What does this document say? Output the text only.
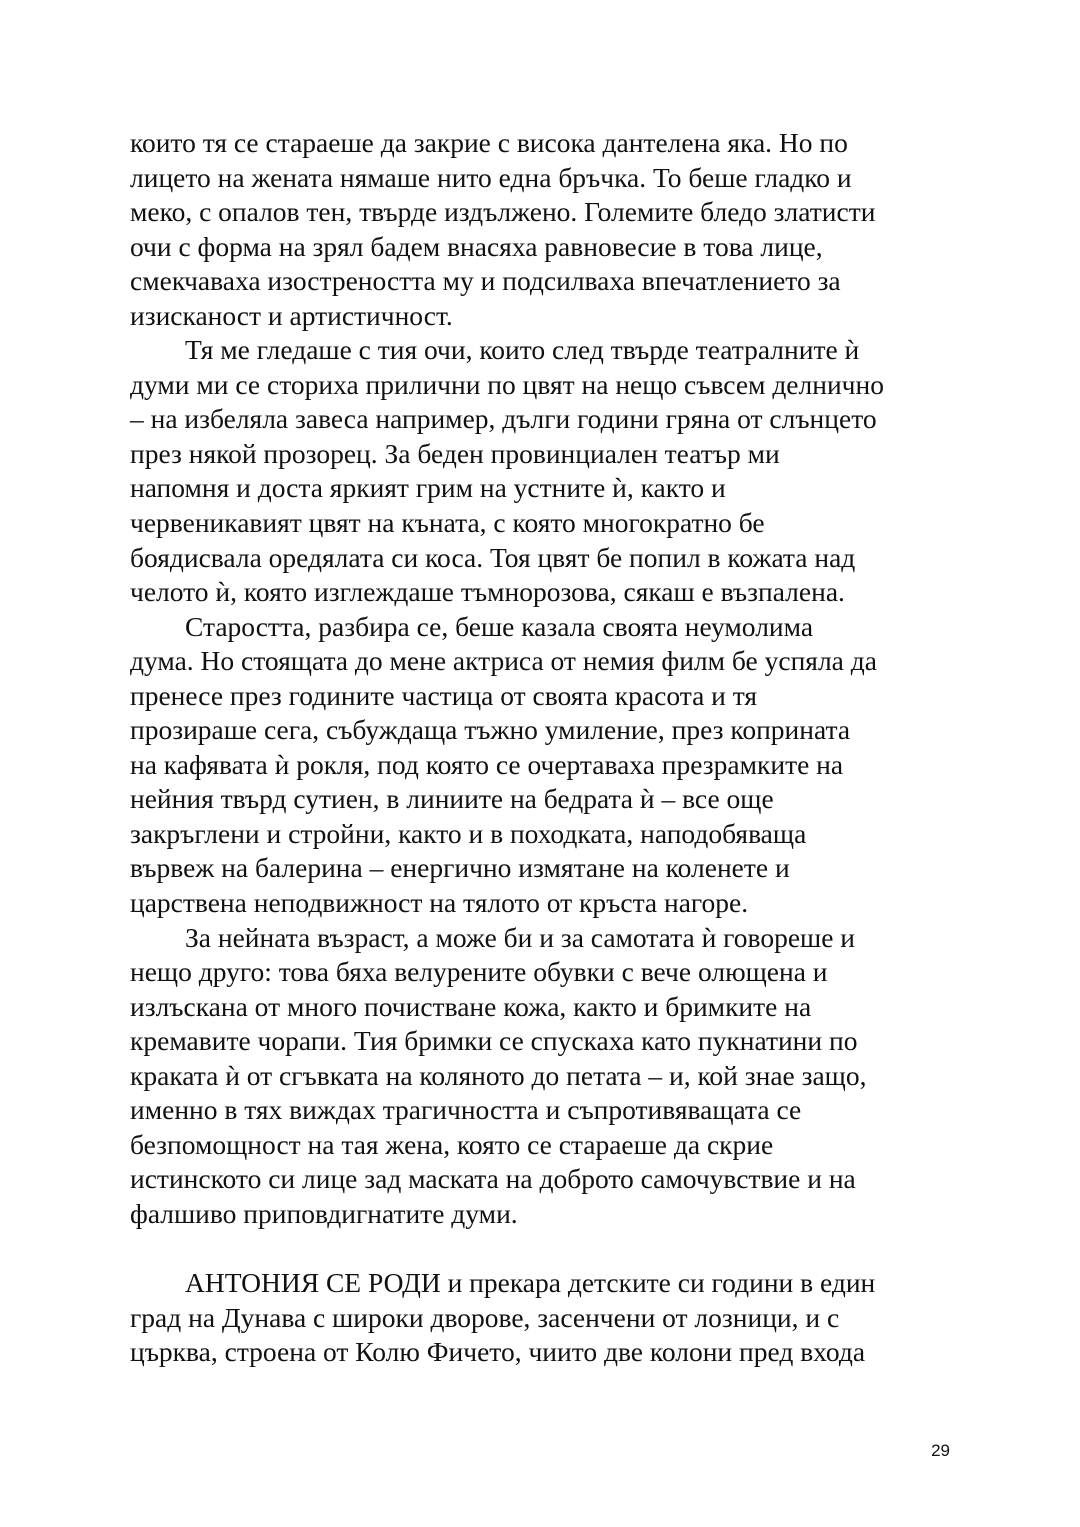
които тя се стараеше да закрие с висока дантелена яка. Но по
лицето на жената нямаше нито една бръчка. То беше гладко и
меко, с опалов тен, твърде издължено. Големите бледо златисти
очи с форма на зрял бадем внасяха равновесие в това лице,
смекчаваха изостреността му и подсилваха впечатлението за
изисканост и артистичност.
Тя ме гледаше с тия очи, които след твърде театралните ѝ
думи ми се сториха прилични по цвят на нещо съвсем делнично
– на избеляла завеса например, дълги години гряна от слънцето
през някой прозорец. За беден провинциален театър ми
напомня и доста яркият грим на устните ѝ, както и
червеникавият цвят на къната, с която многократно бе
боядисвала оредялата си коса. Тоя цвят бе попил в кожата над
челото ѝ, която изглеждаше тъмнорозова, сякаш е възпалена.
Старостта, разбира се, беше казала своята неумолима
дума. Но стоящата до мене актриса от немия филм бе успяла да
пренесе през годините частица от своята красота и тя
прозираше сега, събуждаща тъжно умиление, през коприната
на кафявата ѝ рокля, под която се очертаваха презрамките на
нейния твърд сутиен, в линиите на бедрата ѝ – все още
закръглени и стройни, както и в походката, наподобяваща
вървеж на балерина – енергично измятане на коленете и
царствена неподвижност на тялото от кръста нагоре.
За нейната възраст, а може би и за самотата ѝ говореше и
нещо друго: това бяха велурените обувки с вече олющена и
излъскана от много почистване кожа, както и бримките на
кремавите чорапи. Тия бримки се спускаха като пукнатини по
краката ѝ от сгъвката на коляното до петата – и, кой знае защо,
именно в тях виждах трагичността и съпротивяващата се
безпомощност на тая жена, която се стараеше да скрие
истинското си лице зад маската на доброто самочувствие и на
фалшиво приповдигнатите думи.
АНТОНИЯ СЕ РОДИ и прекара детските си години в един
град на Дунава с широки дворове, засенчени от лозници, и с
църква, строена от Колю Фичето, чиито две колони пред входа
29
